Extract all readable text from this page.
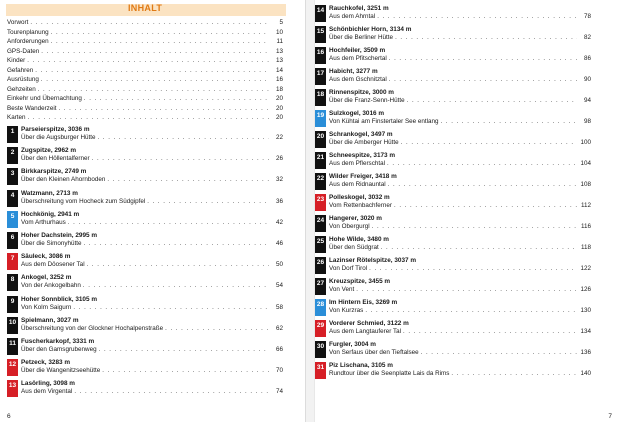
INHALT
Vorwort . . .	5
Tourenplanung . . .	10
Anforderungen . . .	11
GPS-Daten . . .	13
Kinder . . .	13
Gefahren . . .	14
Ausrüstung . . .	16
Gehzeiten . . .	18
Einkehr und Übernachtung . . .	20
Beste Wanderzeit . . .	20
Karten . . .	20
1	Parseierspitze, 3036 m
Über die Augsburger Hütte . . .	22
2	Zugspitze, 2962 m
Über den Höllentalferner . . .	26
3	Birkkarspitze, 2749 m
Über den Kleinen Ahornboden . . .	32
4	Watzmann, 2713 m
Überschreitung vom Hocheck zum Südgipfel . . .	36
5	Hochkönig, 2941 m
Vom Arthurhaus . . .	42
6	Hoher Dachstein, 2995 m
Über die Simonyhütte . . .	46
7	Säuleck, 3086 m
Aus dem Döosener Tal . . .	50
8	Ankogel, 3252 m
Von der Ankogelbahn . . .	54
9	Hoher Sonnblick, 3105 m
Von Kolm Saigurn . . .	58
10 Spielmann, 3027 m
Überschreitung von der Glockner Hochalpenstraße . . .	62
11 Fuscherkarkopf, 3331 m
Über den Gamsgrubenweg . . .	66
12 Petzeck, 3283 m
Über die Wangenitzseehütte . . .	70
13 Lasörling, 3098 m
Aus dem Virgental . . .	74
6
14 Rauchkofel, 3251 m
Aus dem Ahrntal . . .	78
15 Schönbichler Horn, 3134 m
Über die Berliner Hütte . . .	82
16 Hochfeiler, 3509 m
Aus dem Pfitschertal . . .	86
17 Habicht, 3277 m
Aus dem Gschnitztal . . .	90
18 Rinnenspitze, 3000 m
Über die Franz-Senn-Hütte . . .	94
19 Sulzkogel, 3016 m
Von Kühtai am Finstertaler See entlang . . .	98
20 Schrankogel, 3497 m
Über die Amberger Hütte . . .	100
21 Schneespitze, 3173 m
Aus dem Pflerschtal . . .	104
22 Wilder Freiger, 3418 m
Aus dem Ridnauntal . . .	108
23 Polleskogel, 3032 m
Vom Rettenbachferner . . .	112
24 Hangerer, 3020 m
Von Obergurgl . . .	116
25 Hohe Wilde, 3480 m
Über den Südgrat . . .	118
26 Lazinser Rötelspitze, 3037 m
Von Dorf Tirol . . .	122
27 Kreuzspitze, 3455 m
Von Vent . . .	126
28 Im Hintern Eis, 3269 m
Von Kurzras . . .	130
29 Vorderer Schmied, 3122 m
Aus dem Langtauferer Tal . . .	134
30 Furgler, 3004 m
Von Serfaus über den Tieftalsee . . .	136
31 Piz Lischana, 3105 m
Rundtour über die Seenplatte Lais da Rims . . .	140
7
